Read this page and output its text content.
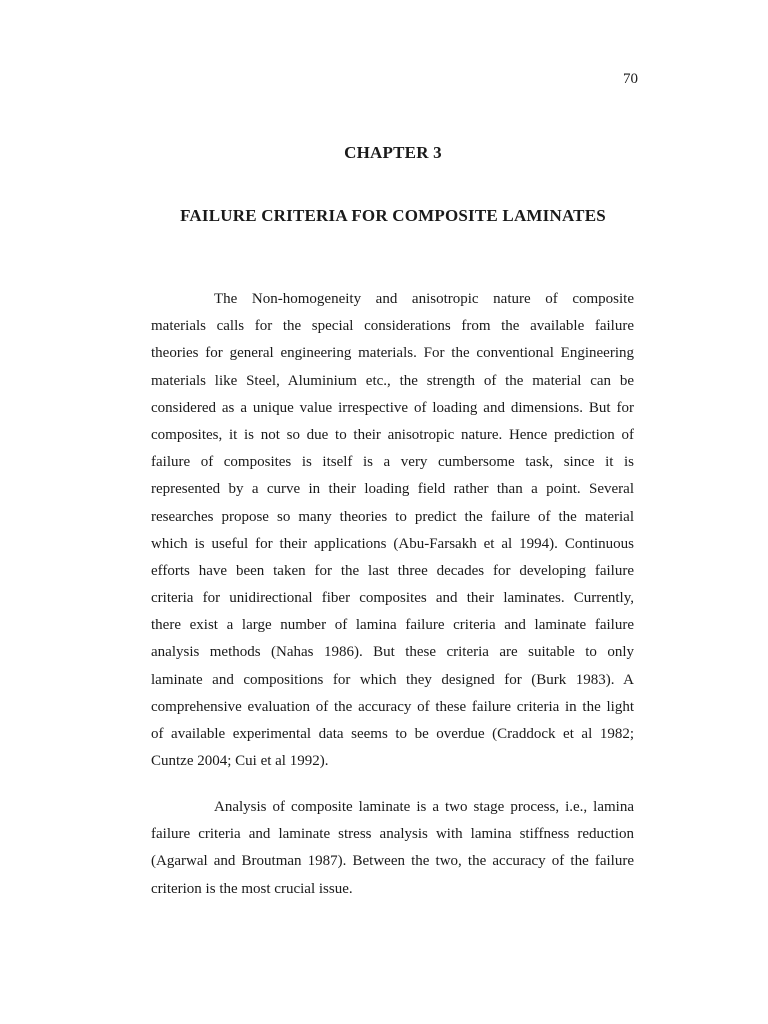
70
CHAPTER 3
FAILURE CRITERIA FOR COMPOSITE LAMINATES
The Non-homogeneity and anisotropic nature of composite
materials calls for the special considerations from the available failure
theories for general engineering materials. For the conventional Engineering
materials like Steel, Aluminium etc., the strength of the material can be
considered as a unique value irrespective of loading and dimensions. But for
composites, it is not so due to their anisotropic nature. Hence prediction of
failure of composites is itself is a very cumbersome task, since it is
represented by a curve in their loading field rather than a point. Several
researches propose so many theories to predict the failure of the material
which is useful for their applications (Abu-Farsakh et al 1994). Continuous
efforts have been taken for the last three decades for developing failure
criteria for unidirectional fiber composites and their laminates. Currently,
there exist a large number of lamina failure criteria and laminate failure
analysis methods (Nahas 1986). But these criteria are suitable to only
laminate and compositions for which they designed for (Burk 1983). A
comprehensive evaluation of the accuracy of these failure criteria in the light
of available experimental data seems to be overdue (Craddock et al 1982;
Cuntze 2004; Cui et al 1992).
Analysis of composite laminate is a two stage process, i.e., lamina
failure criteria and laminate stress analysis with lamina stiffness reduction
(Agarwal and Broutman 1987). Between the two, the accuracy of the failure
criterion is the most crucial issue.
